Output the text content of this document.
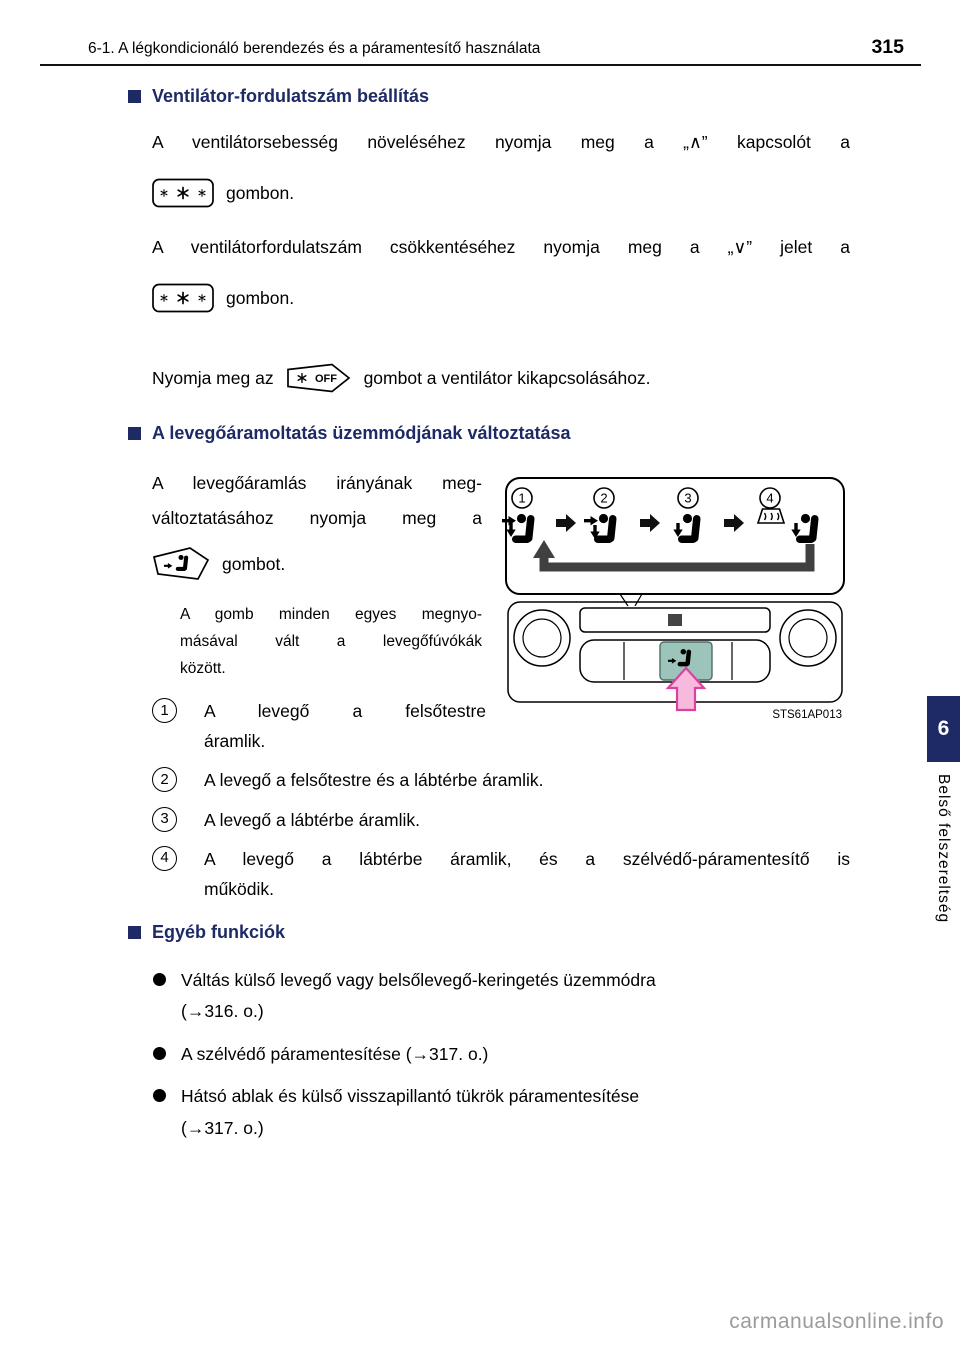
6-1. A légkondicionáló berendezés és a páramentesítő használata	315
Ventilátor-fordulatszám beállítás

A ventilátorsebesség növeléséhez nyomja meg a „∧” kapcsolót a

gombon.

A ventilátorfordulatszám csökkentéséhez nyomja meg a „∨” jelet a

gombon.
Nyomja meg az	OFF gombot a ventilátor kikapcsolásához.
A levegőáramoltatás üzemmódjának változtatása
1	2	3	4
STS61AP013
A levegőáramlás irányának meg-
változtatásához nyomja meg a
gombot.
A gomb minden egyes megnyo-
másával vált a levegőfúvókák
között.
1	A levegő a felsőtestre
áramlik.
2	A levegő a felsőtestre és a lábtérbe áramlik.
3	A levegő a lábtérbe áramlik.
4	A levegő a lábtérbe áramlik, és a szélvédő-páramentesítő is
működik.
Egyéb funkciók
Váltás külső levegő vagy belsőlevegő-keringetés üzemmódra
(→316. o.)
A szélvédő páramentesítése (→317. o.)
Hátsó ablak és külső visszapillantó tükrök páramentesítése
(→317. o.)
6
Belső felszereltség
carmanualsonline.info
